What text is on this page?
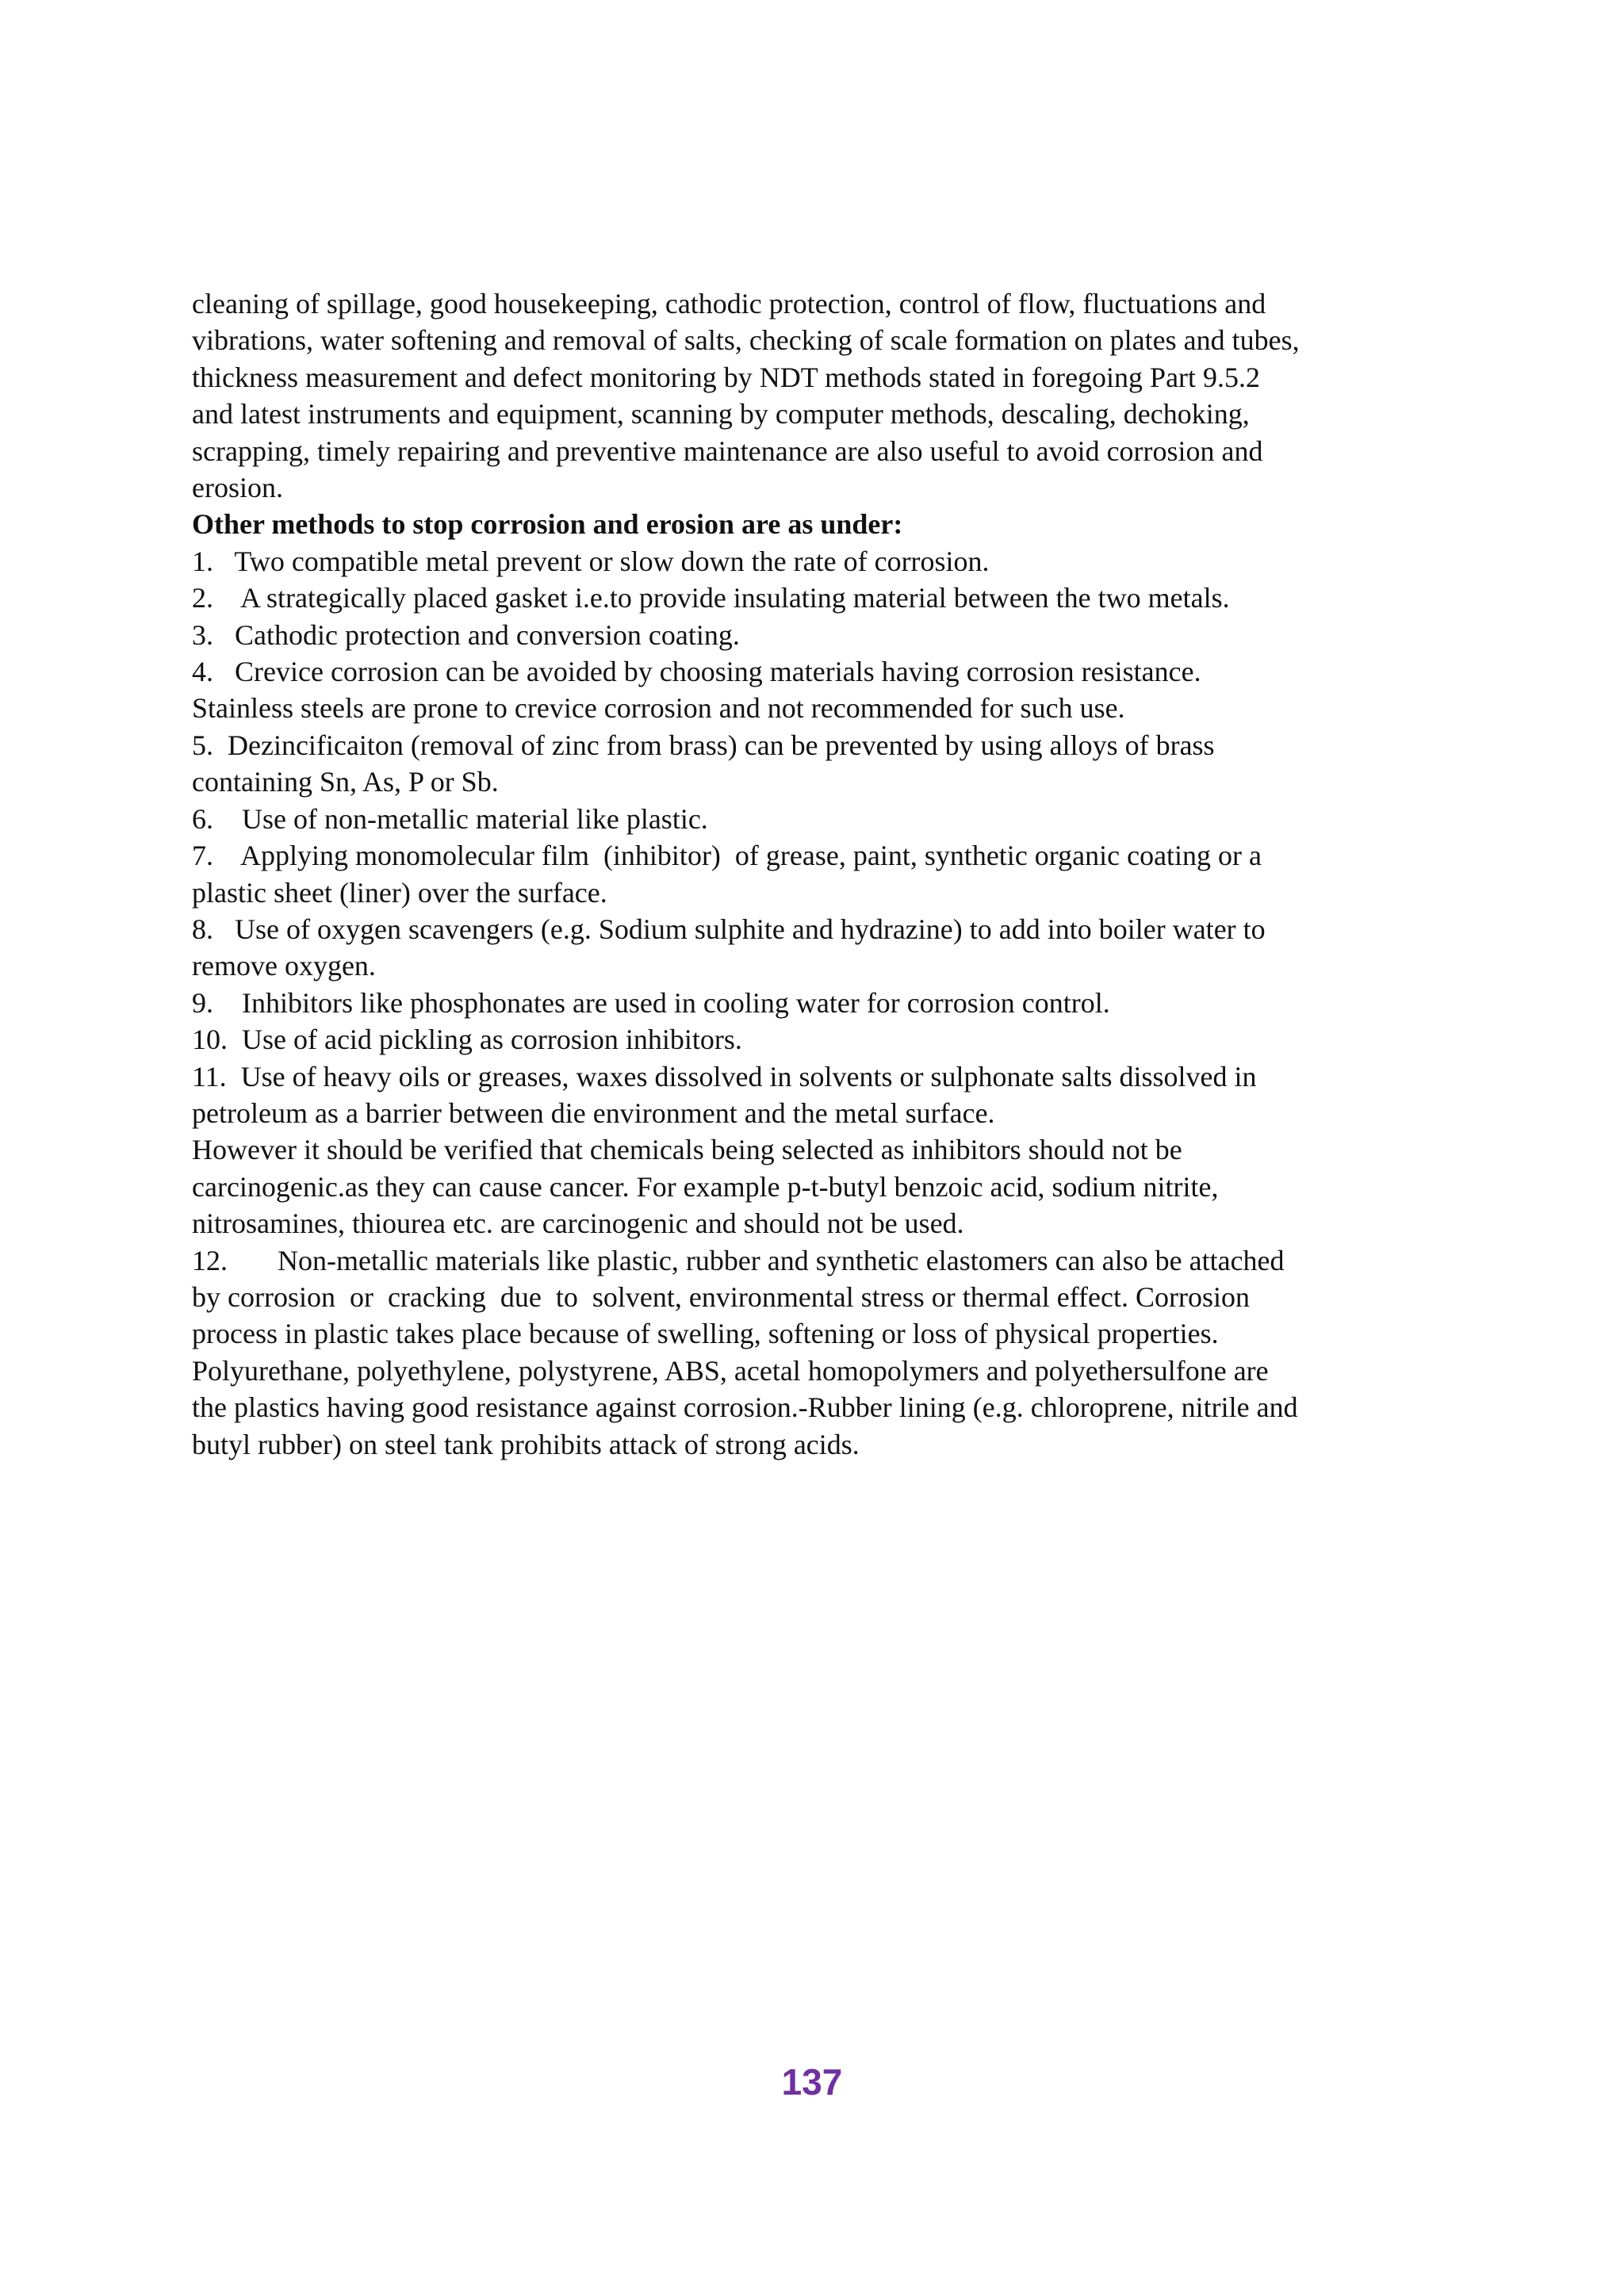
cleaning of spillage, good housekeeping, cathodic protection, control of flow, fluctuations and

vibrations, water softening and removal of salts, checking of scale formation on plates and tubes,

thickness measurement and defect monitoring by NDT methods stated in foregoing Part 9.5.2

and latest instruments and equipment, scanning by computer methods, descaling, dechoking,

scrapping, timely repairing and preventive maintenance are also useful to avoid corrosion and

erosion.

Other methods to stop corrosion and erosion are as under:

1.   Two compatible metal prevent or slow down the rate of corrosion.

2.    A strategically placed gasket i.e.to provide insulating material between the two metals.

3.   Cathodic protection and conversion coating.

4.   Crevice corrosion can be avoided by choosing materials having corrosion resistance.

Stainless steels are prone to crevice corrosion and not recommended for such use.

5.  Dezincificaiton (removal of zinc from brass) can be prevented by using alloys of brass

containing Sn, As, P or Sb.

6.    Use of non-metallic material like plastic.

7.    Applying monomolecular film  (inhibitor)  of grease, paint, synthetic organic coating or a

plastic sheet (liner) over the surface.

8.   Use of oxygen scavengers (e.g. Sodium sulphite and hydrazine) to add into boiler water to

remove oxygen.

9.    Inhibitors like phosphonates are used in cooling water for corrosion control.

10.  Use of acid pickling as corrosion inhibitors.

11.  Use of heavy oils or greases, waxes dissolved in solvents or sulphonate salts dissolved in

petroleum as a barrier between die environment and the metal surface.

However it should be verified that chemicals being selected as inhibitors should not be

carcinogenic.as they can cause cancer. For example p-t-butyl benzoic acid, sodium nitrite,

nitrosamines, thiourea etc. are carcinogenic and should not be used.

12.       Non-metallic materials like plastic, rubber and synthetic elastomers can also be attached

by corrosion  or  cracking  due  to  solvent, environmental stress or thermal effect. Corrosion

process in plastic takes place because of swelling, softening or loss of physical properties.

Polyurethane, polyethylene, polystyrene, ABS, acetal homopolymers and polyethersulfone are

the plastics having good resistance against corrosion.-Rubber lining (e.g. chloroprene, nitrile and

butyl rubber) on steel tank prohibits attack of strong acids.

137
